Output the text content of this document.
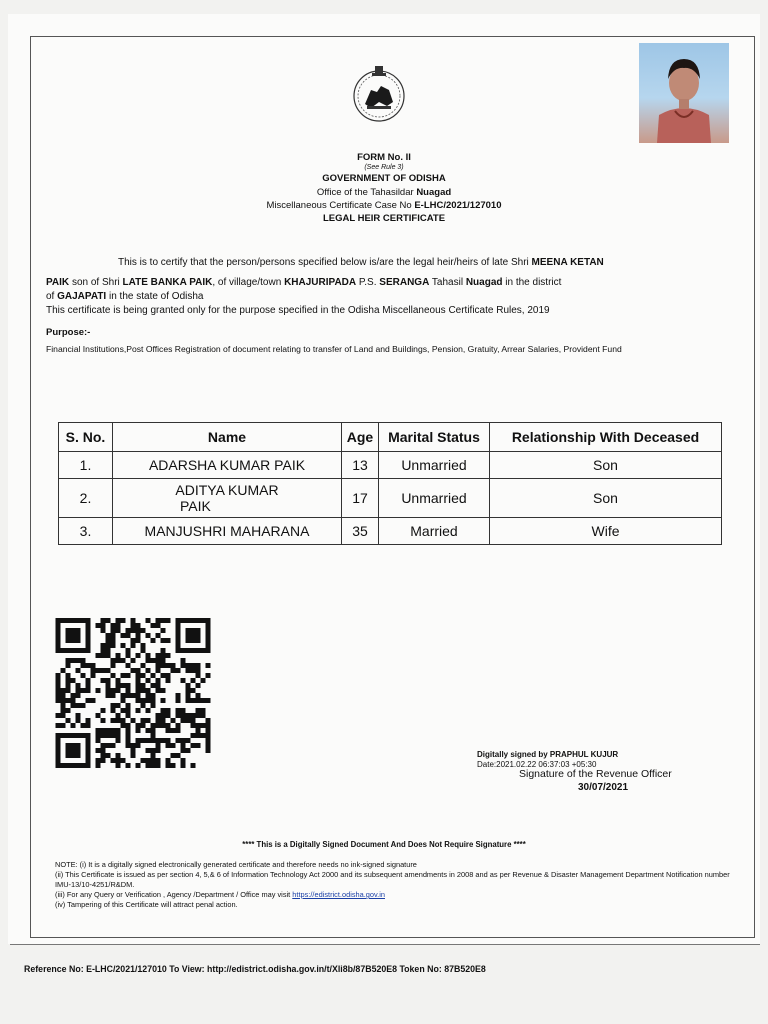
FORM No. II
(See Rule 3)
GOVERNMENT OF ODISHA
Office of the Tahasildar Nuagad
Miscellaneous Certificate Case No E-LHC/2021/127010
LEGAL HEIR CERTIFICATE
This is to certify that the person/persons specified below is/are the legal heir/heirs of late Shri MEENA KETAN
PAIK son of Shri LATE BANKA PAIK, of village/town KHAJURIPADA P.S. SERANGA Tahasil Nuagad in the district
of GAJAPATI in the state of Odisha
This certificate is being granted only for the purpose specified in the Odisha Miscellaneous Certificate Rules, 2019
Purpose:-
Financial Institutions,Post Offices Registration of document relating to transfer of Land and Buildings, Pension, Gratuity, Arrear Salaries, Provident Fund
S. No.	Name	Age	Marital Status	Relationship With Deceased
1.	ADARSHA KUMAR PAIK	13	Unmarried	Son
2.	ADITYA KUMAR
PAIK	17	Unmarried	Son
3.	MANJUSHRI MAHARANA	35	Married	Wife
Digitally signed by PRAPHUL KUJUR
Date:2021.02.22 06:37:03 +05:30
Signature of the Revenue Officer
30/07/2021
**** This is a Digitally Signed Document And Does Not Require Signature ****
NOTE: (i) It is a digitally signed electronically generated certificate and therefore needs no ink-signed signature
(ii) This Certificate is issued as per section 4, 5,& 6 of Information Technology Act 2000 and its subsequent amendments in 2008 and as per Revenue & Disaster Management Department Notification number IMU-13/10-4251/R&DM.
(iii) For any Query or Verification , Agency /Department / Office may visit https://edistrict.odisha.gov.in
(iv) Tampering of this Certificate will attract penal action.
Reference No: E-LHC/2021/127010 To View: http://edistrict.odisha.gov.in/t/Xli8b/87B520E8 Token No: 87B520E8
